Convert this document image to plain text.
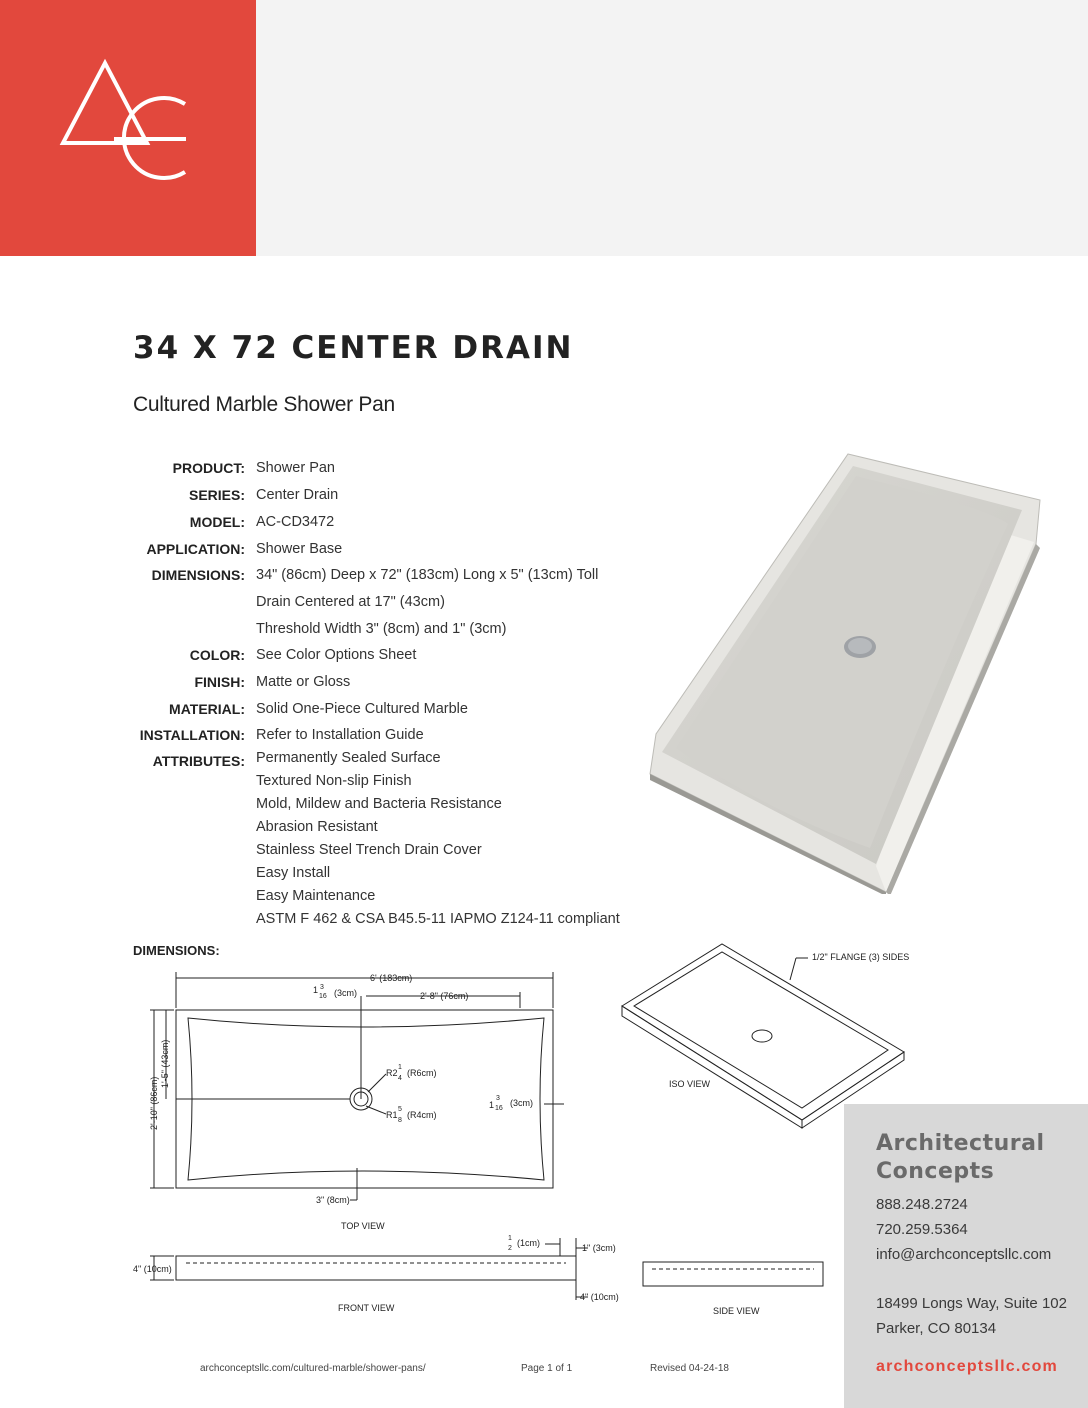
34 X 72 CENTER DRAIN
Cultured Marble Shower Pan
PRODUCT: Shower Pan
SERIES: Center Drain
MODEL: AC-CD3472
APPLICATION: Shower Base
DIMENSIONS: 34" (86cm) Deep x 72" (183cm) Long x 5" (13cm) Toll
Drain Centered at 17" (43cm)
Threshold Width 3" (8cm) and 1" (3cm)
COLOR: See Color Options Sheet
FINISH: Matte or Gloss
MATERIAL: Solid One-Piece Cultured Marble
INSTALLATION: Refer to Installation Guide
ATTRIBUTES: Permanently Sealed Surface
Textured Non-slip Finish
Mold, Mildew and Bacteria Resistance
Abrasion Resistant
Stainless Steel Trench Drain Cover
Easy Install
Easy Maintenance
ASTM F 462 & CSA B45.5-11 IAPMO Z124-11 compliant
DIMENSIONS:
6' (183cm)
1 3
16 (3cm)	2'-8" (76cm)
2'-10" (86cm)
1'-5" (43cm)	R2
1
4
(R6cm)
R1
5
8
(R4cm)
1
3
16
(3cm)
3" (8cm)
TOP VIEW
4" (10cm)
1
2
(1cm)	1" (3cm)
4" (10cm)
FRONT VIEW	SIDE VIEW
ISO VIEW
1/2" FLANGE (3) SIDES
Architectural Concepts
888.248.2724
720.259.5364
info@archconceptsllc.com
18499 Longs Way, Suite 102
Parker, CO 80134
archconceptsllc.com
archconceptsllc.com/cultured-marble/shower-pans/	Page 1 of 1	Revised 04-24-18
